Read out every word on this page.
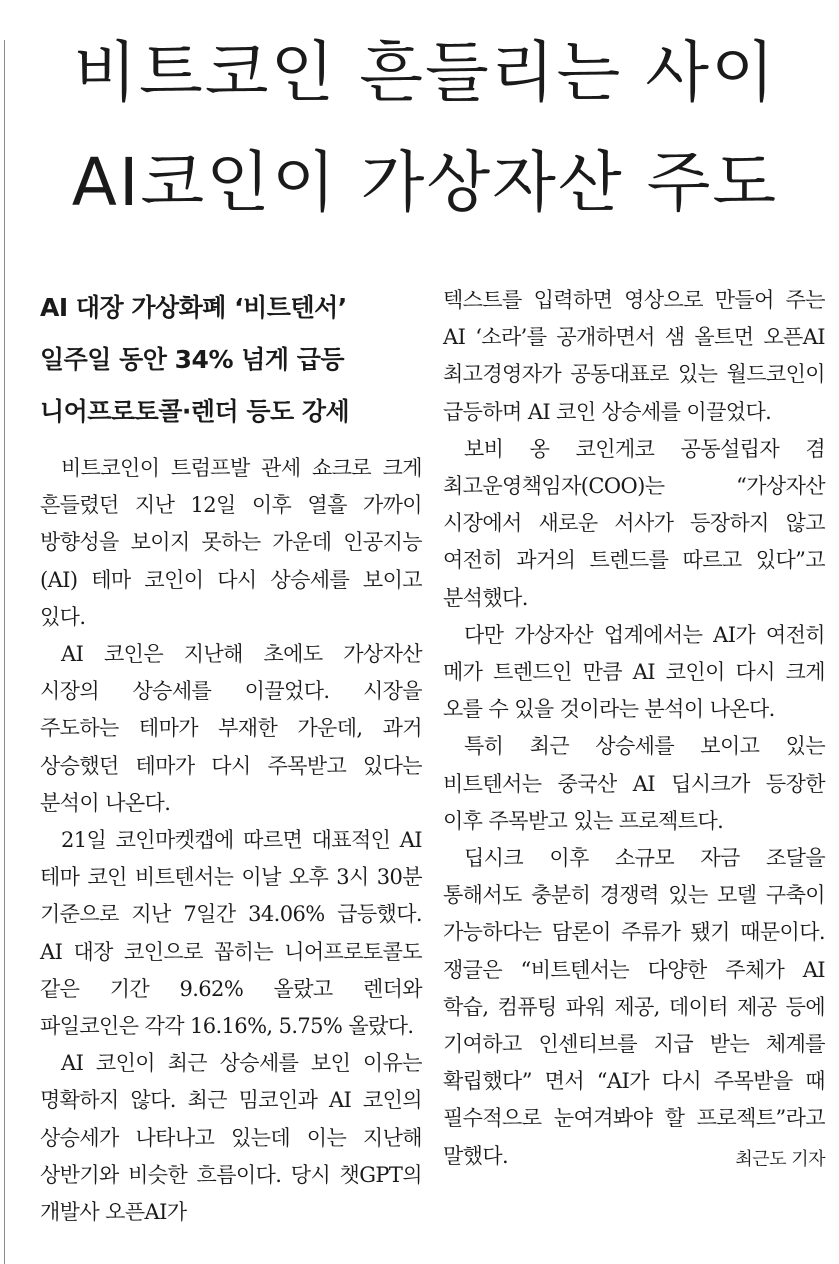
비트코인 흔들리는 사이
AI코인이 가상자산 주도
AI 대장 가상화폐 ‘비트텐서’
일주일 동안 34% 넘게 급등
니어프로토콜·렌더 등도 강세

비트코인이 트럼프발 관세 쇼크로 크게 흔들렸던 지난 12일 이후 열흘 가까이 방향성을 보이지 못하는 가운데 인공지능(AI) 테마 코인이 다시 상승세를 보이고 있다.

AI 코인은 지난해 초에도 가상자산 시장의 상승세를 이끌었다. 시장을 주도하는 테마가 부재한 가운데, 과거 상승했던 테마가 다시 주목받고 있다는 분석이 나온다.

21일 코인마켓캡에 따르면 대표적인 AI 테마 코인 비트텐서는 이날 오후 3시 30분 기준으로 지난 7일간 34.06% 급등했다. AI 대장 코인으로 꼽히는 니어프로토콜도 같은 기간 9.62% 올랐고 렌더와 파일코인은 각각 16.16%, 5.75% 올랐다.

AI 코인이 최근 상승세를 보인 이유는 명확하지 않다. 최근 밈코인과 AI 코인의 상승세가 나타나고 있는데 이는 지난해 상반기와 비슷한 흐름이다. 당시 챗GPT의 개발사 오픈AI가

텍스트를 입력하면 영상으로 만들어 주는 AI ‘소라’를 공개하면서 샘 올트먼 오픈AI 최고경영자가 공동대표로 있는 월드코인이 급등하며 AI 코인 상승세를 이끌었다.

보비 옹 코인게코 공동설립자 겸 최고운영책임자(COO)는 “가상자산 시장에서 새로운 서사가 등장하지 않고 여전히 과거의 트렌드를 따르고 있다”고 분석했다.

다만 가상자산 업계에서는 AI가 여전히 메가 트렌드인 만큼 AI 코인이 다시 크게 오를 수 있을 것이라는 분석이 나온다.

특히 최근 상승세를 보이고 있는 비트텐서는 중국산 AI 딥시크가 등장한 이후 주목받고 있는 프로젝트다.

딥시크 이후 소규모 자금 조달을 통해서도 충분히 경쟁력 있는 모델 구축이 가능하다는 담론이 주류가 됐기 때문이다. 쟁글은 “비트텐서는 다양한 주체가 AI 학습, 컴퓨팅 파워 제공, 데이터 제공 등에 기여하고 인센티브를 지급 받는 체계를 확립했다” 면서 “AI가 다시 주목받을 때 필수적으로 눈여겨봐야 할 프로젝트”라고 말했다.	최근도 기자
